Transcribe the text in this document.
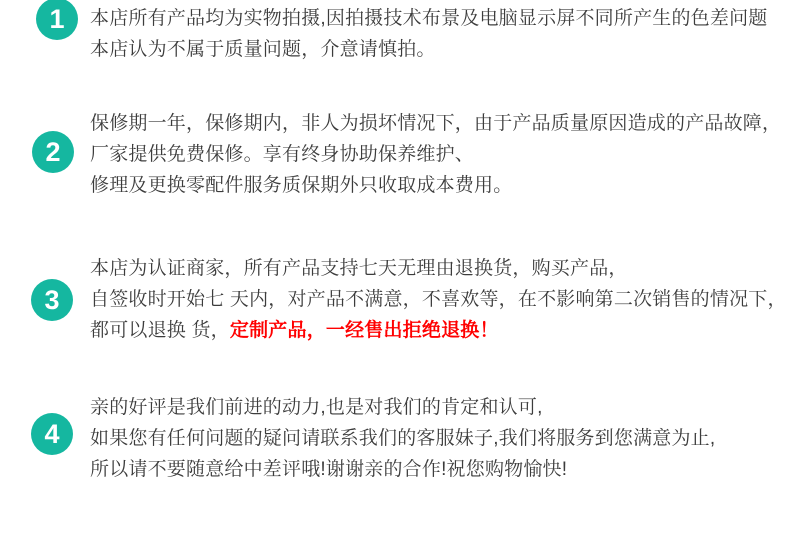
1 本店所有产品均为实物拍摄,因拍摄技术布景及电脑显示屏不同所产生的色差问题

本店认为不属于质量问题，介意请慎拍。

2

保修期一年，保修期内，非人为损坏情况下，由于产品质量原因造成的产品故障，

厂家提供免费保修。享有终身协助保养维护、

修理及更换零配件服务质保期外只收取成本费用。

3

本店为认证商家，所有产品支持七天无理由退换货，购买产品，

自签收时开始七 天内，对产品不满意，不喜欢等，在不影响第二次销售的情况下，

都可以退换 货，定制产品，一经售出拒绝退换！

4

亲的好评是我们前进的动力,也是对我们的肯定和认可,

如果您有任何问题的疑问请联系我们的客服妹子,我们将服务到您满意为止,

所以请不要随意给中差评哦!谢谢亲的合作!祝您购物愉快!
